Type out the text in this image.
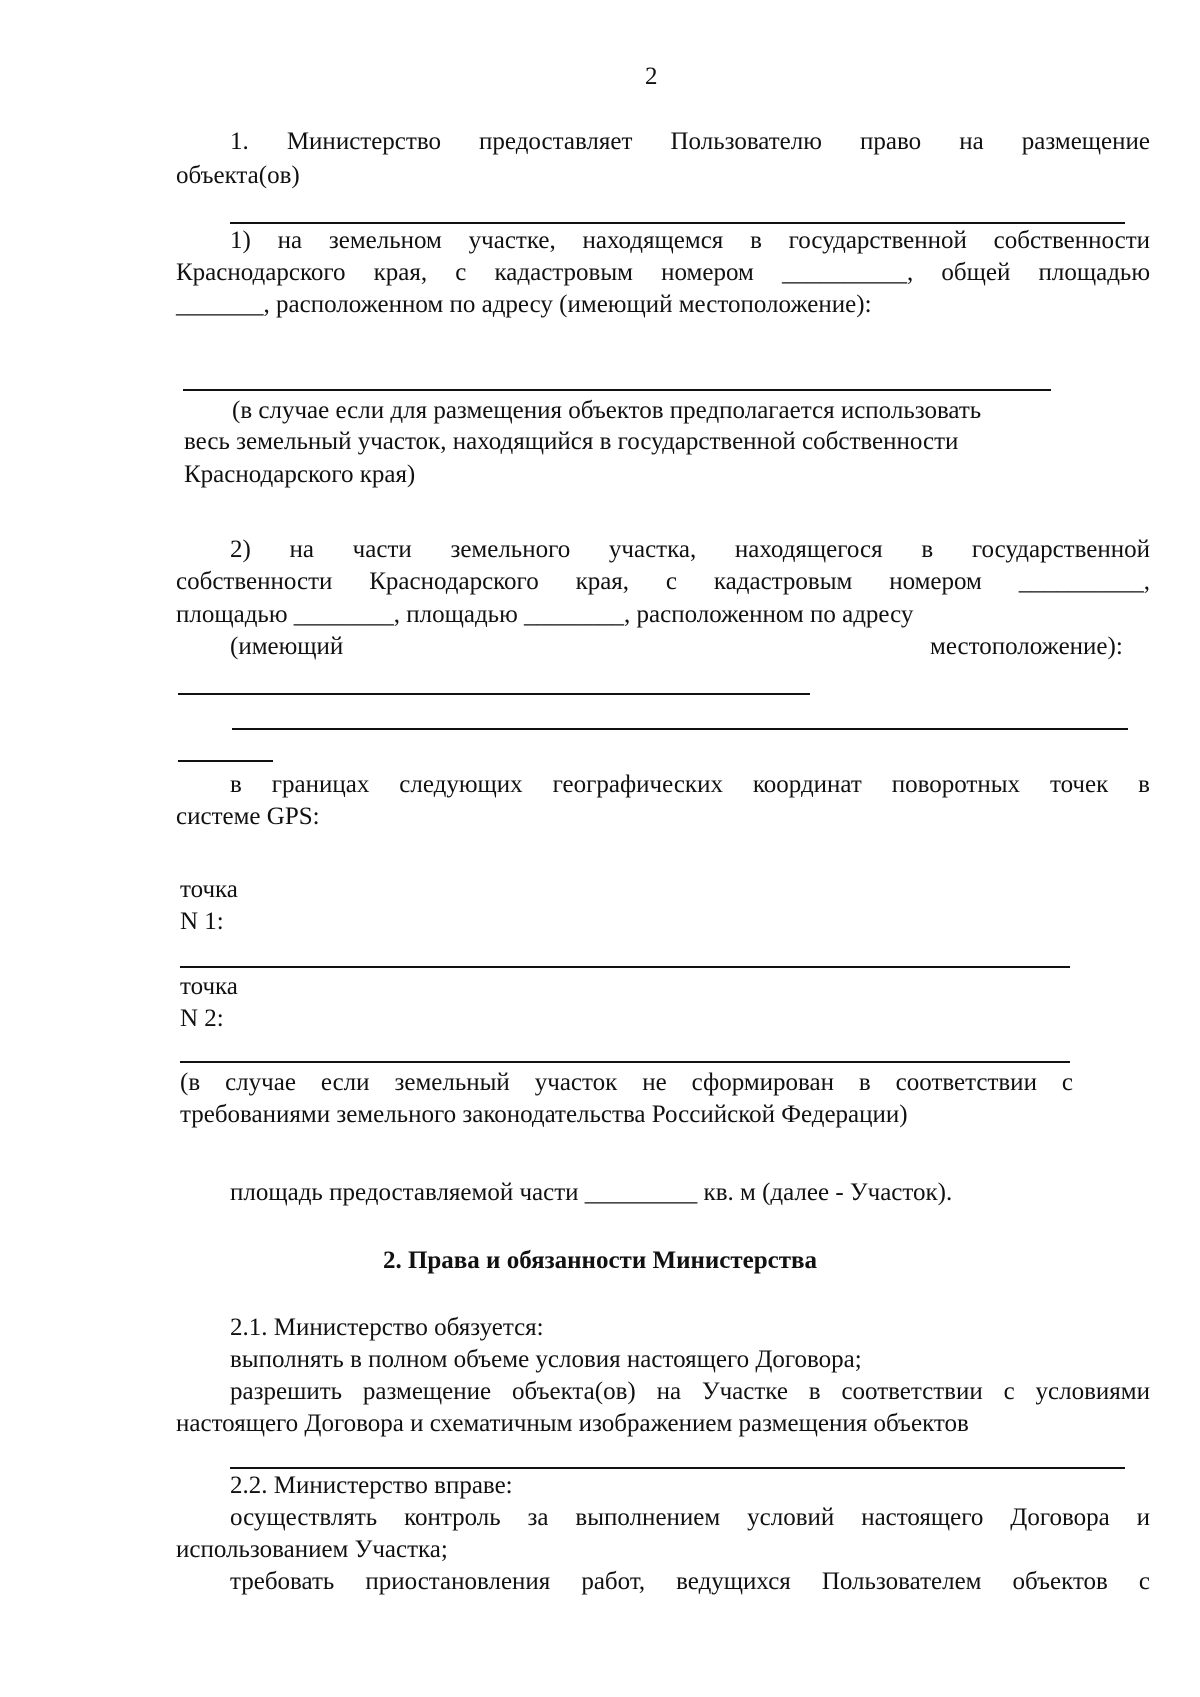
2
1. Министерство предоставляет Пользователю право на размещение
объекта(ов)
1) на земельном участке, находящемся в государственной собственности
Краснодарского края, с кадастровым номером __________, общей площадью
_______, расположенном по адресу (имеющий местоположение):
(в случае если для размещения объектов предполагается использовать
весь земельный участок, находящийся в государственной собственности
Краснодарского края)
2) на части земельного участка, находящегося в государственной
собственности Краснодарского края, с кадастровым номером __________,
площадью ________, площадью ________, расположенном по адресу
(имеющий	местоположение):
в границах следующих географических координат поворотных точек в
системе GPS:
точка
N 1:
точка
N 2:
(в случае если земельный участок не сформирован в соответствии с
требованиями земельного законодательства Российской Федерации)
площадь предоставляемой части _________ кв. м (далее - Участок).
2. Права и обязанности Министерства
2.1. Министерство обязуется:
выполнять в полном объеме условия настоящего Договора;
разрешить размещение объекта(ов) на Участке в соответствии с условиями
настоящего Договора и схематичным изображением размещения объектов
2.2. Министерство вправе:
осуществлять контроль за выполнением условий настоящего Договора и
использованием Участка;
требовать приостановления работ, ведущихся Пользователем объектов с
